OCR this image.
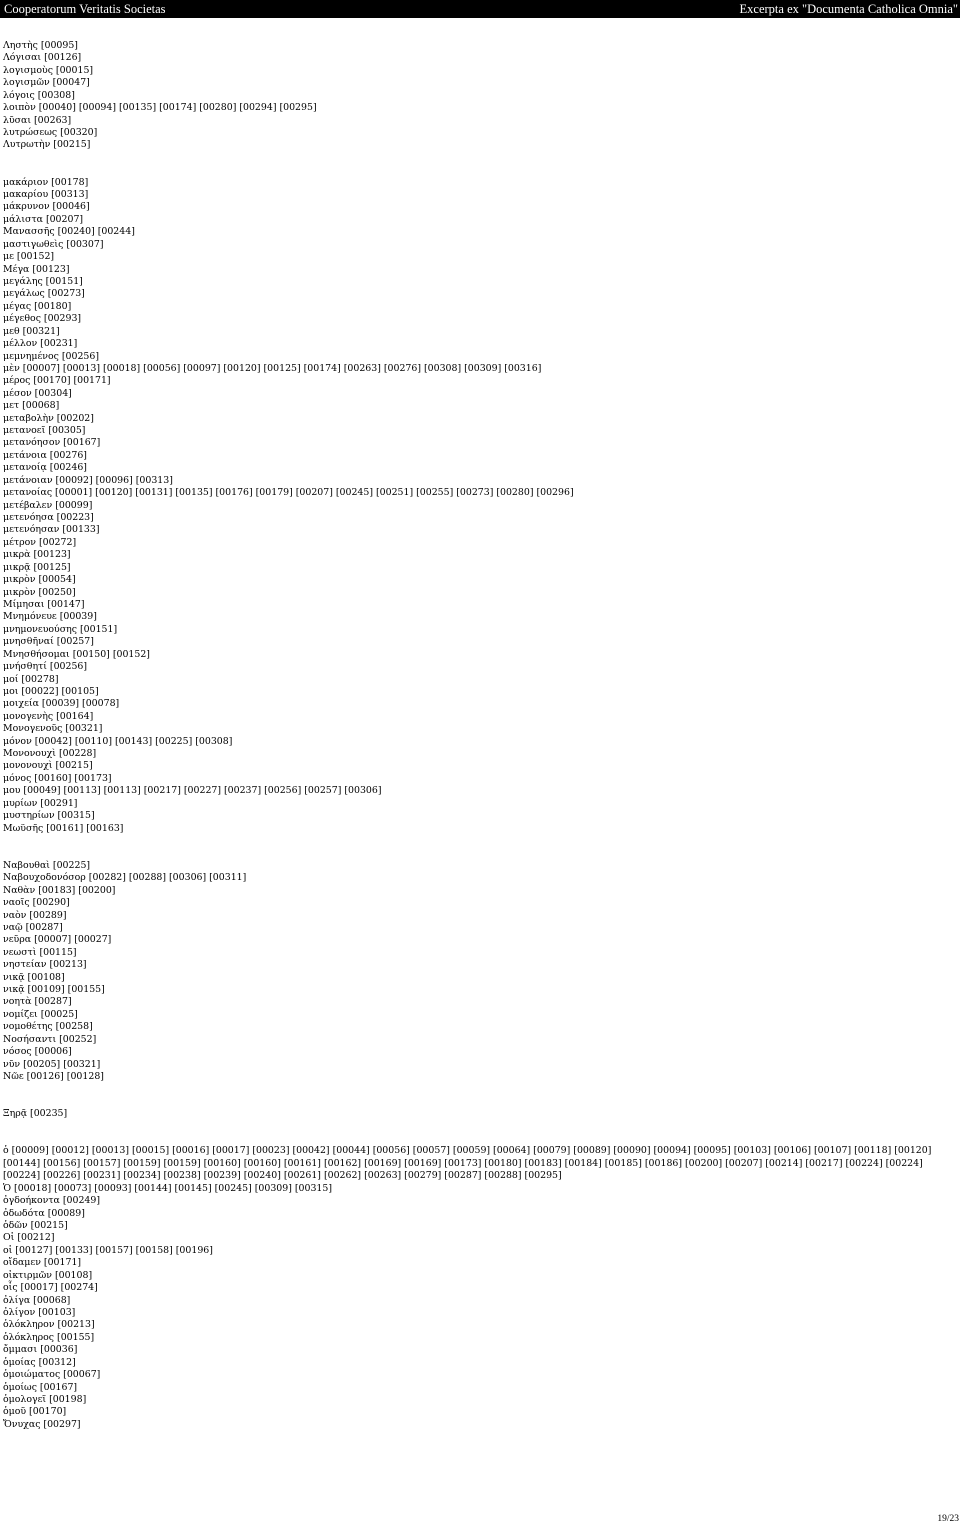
Cooperatorum Veritatis Societas	Excerpta ex "Documenta Catholica Omnia"
Ληστὴς [00095]
Λόγισαι [00126]
λογισμοὺς [00015]
λογισμῶν [00047]
λόγοις [00308]
λοιπὸν [00040] [00094] [00135] [00174] [00280] [00294] [00295]
λῦσαι [00263]
λυτρώσεως [00320]
Λυτρωτὴν [00215]
μακάριον [00178]
μακαρίου [00313]
μάκρυνον [00046]
μάλιστα [00207]
Μανασσῆς [00240] [00244]
μαστιγωθεὶς [00307]
με [00152]
Μέγα [00123]
μεγάλης [00151]
μεγάλως [00273]
μέγας [00180]
μέγεθος [00293]
μεθ [00321]
μέλλον [00231]
μεμνημένος [00256]
μὲν [00007] [00013] [00018] [00056] [00097] [00120] [00125] [00174] [00263] [00276] [00308] [00309] [00316]
μέρος [00170] [00171]
μέσον [00304]
μετ [00068]
μεταβολὴν [00202]
μετανοεῖ [00305]
μετανόησον [00167]
μετάνοια [00276]
μετανοίᾳ [00246]
μετάνοιαν [00092] [00096] [00313]
μετανοίας [00001] [00120] [00131] [00135] [00176] [00179] [00207] [00245] [00251] [00255] [00273] [00280] [00296]
μετέβαλεν [00099]
μετενόησα [00223]
μετενόησαν [00133]
μέτρον [00272]
μικρὰ [00123]
μικρᾷ [00125]
μικρὸν [00054]
μικρὸν [00250]
Μίμησαι [00147]
Μνημόνευε [00039]
μνημονευούσης [00151]
μνησθῆναί [00257]
Μνησθήσομαι [00150] [00152]
μνήσθητί [00256]
μοί [00278]
μοι [00022] [00105]
μοιχεία [00039] [00078]
μονογενὴς [00164]
Μονογενοῦς [00321]
μόνον [00042] [00110] [00143] [00225] [00308]
Μονονουχὶ [00228]
μονονουχὶ [00215]
μόνος [00160] [00173]
μου [00049] [00113] [00113] [00217] [00227] [00237] [00256] [00257] [00306]
μυρίων [00291]
μυστηρίων [00315]
Μωϋσῆς [00161] [00163]
Ναβουθαὶ [00225]
Ναβουχοδονόσορ [00282] [00288] [00306] [00311]
Ναθὰν [00183] [00200]
ναοῖς [00290]
ναὸν [00289]
ναῷ [00287]
νεῦρα [00007] [00027]
νεωστὶ [00115]
νηστείαν [00213]
νικᾷ [00108]
νικᾷ [00109] [00155]
νοητὰ [00287]
νομίζει [00025]
νομοθέτης [00258]
Νοσήσαντι [00252]
νόσος [00006]
νῦν [00205] [00321]
Νῶε [00126] [00128]
Ξηρᾷ [00235]
ὁ [00009] [00012] [00013] [00015] [00016] [00017] [00023] [00042] [00044] [00056] [00057] [00059] [00064] [00079] [00089] [00090] [00094] [00095] [00103] [00106] [00107] [00118] [00120] [00144] [00156] [00157] [00159] [00159] [00160] [00160] [00161] [00162] [00169] [00169] [00173] [00180] [00183] [00184] [00185] [00186] [00200] [00207] [00214] [00217] [00224] [00224] [00224] [00226] [00231] [00234] [00238] [00239] [00240] [00261] [00262] [00263] [00279] [00287] [00288] [00295]
Ὁ [00018] [00073] [00093] [00144] [00145] [00245] [00309] [00315]
ὀγδοήκοντα [00249]
ὀδωδότα [00089]
ὁδῶν [00215]
Οἱ [00212]
οἱ [00127] [00133] [00157] [00158] [00196]
οἴδαμεν [00171]
οἰκτιρμῶν [00108]
οἷς [00017] [00274]
ὀλίγα [00068]
ὀλίγον [00103]
ὁλόκληρον [00213]
ὁλόκληρος [00155]
ὄμμασι [00036]
ὁμοίας [00312]
ὁμοιώματος [00067]
ὁμοίως [00167]
ὁμολογεῖ [00198]
ὁμοῦ [00170]
Ὄνυχας [00297]
19/23
